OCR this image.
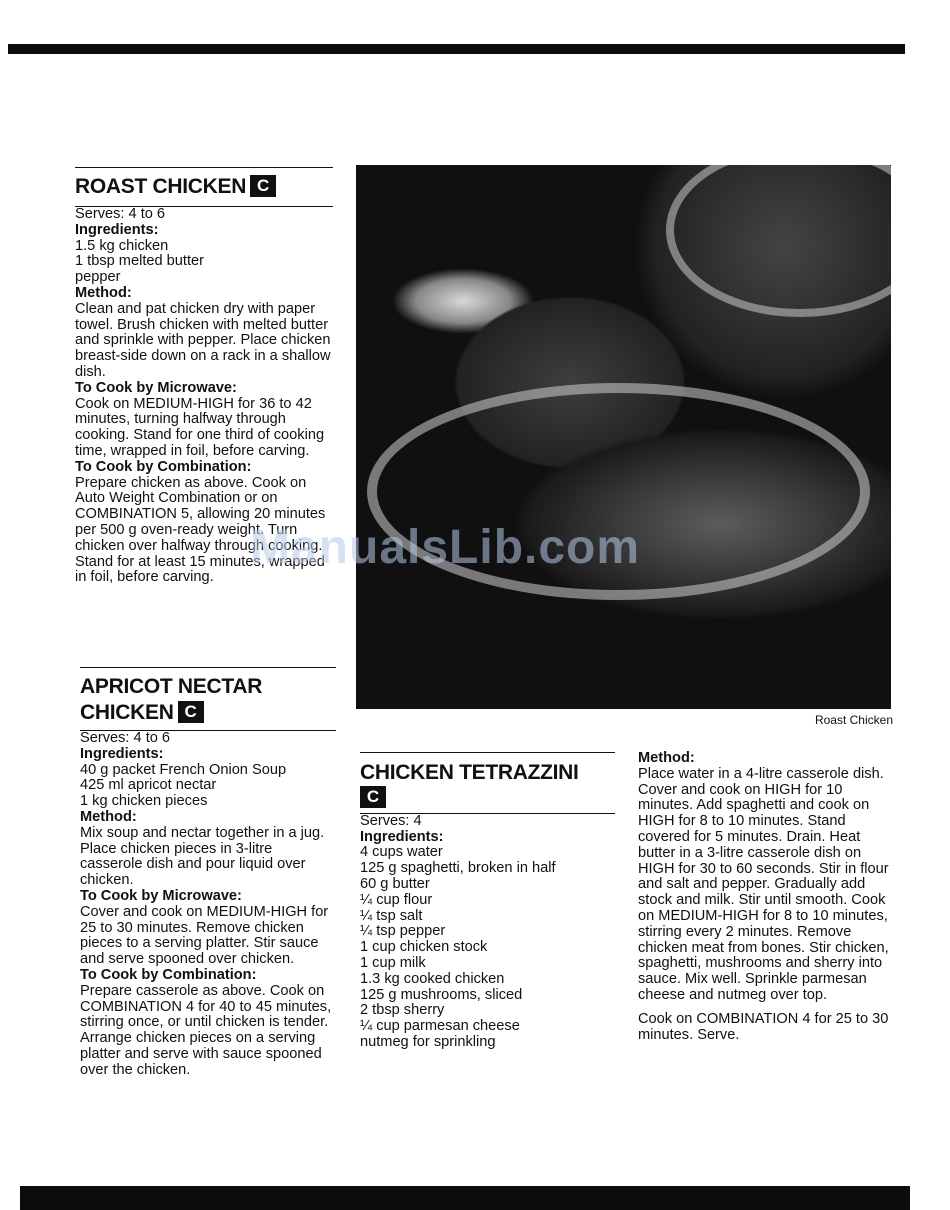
ROAST CHICKEN C

Serves: 4 to 6

Ingredients:

1.5 kg chicken
1 tbsp melted butter
pepper

Method:

Clean and pat chicken dry with paper towel. Brush chicken with melted butter and sprinkle with pepper. Place chicken breast-side down on a rack in a shallow dish.

To Cook by Microwave:

Cook on MEDIUM-HIGH for 36 to 42 minutes, turning halfway through cooking. Stand for one third of cooking time, wrapped in foil, before carving.

To Cook by Combination:

Prepare chicken as above. Cook on Auto Weight Combination or on COMBINATION 5, allowing 20 minutes per 500 g oven-ready weight. Turn chicken over halfway through cooking. Stand for at least 15 minutes, wrapped in foil, before carving.

APRICOT NECTAR
CHICKEN C

Serves: 4 to 6

Ingredients:

40 g packet French Onion Soup
425 ml apricot nectar
1 kg chicken pieces

Method:

Mix soup and nectar together in a jug. Place chicken pieces in 3-litre casserole dish and pour liquid over chicken.

To Cook by Microwave:

Cover and cook on MEDIUM-HIGH for 25 to 30 minutes. Remove chicken pieces to a serving platter. Stir sauce and serve spooned over chicken.

To Cook by Combination:

Prepare casserole as above. Cook on COMBINATION 4 for 40 to 45 minutes, stirring once, or until chicken is tender. Arrange chicken pieces on a serving platter and serve with sauce spooned over the chicken.

Roast Chicken
CHICKEN TETRAZZINI
C

Serves: 4

Ingredients:

4 cups water
125 g spaghetti, broken in half
60 g butter
¼ cup flour
¼ tsp salt
¼ tsp pepper
1 cup chicken stock
1 cup milk
1.3 kg cooked chicken
125 g mushrooms, sliced
2 tbsp sherry
¼ cup parmesan cheese
nutmeg for sprinkling

Method:

Place water in a 4-litre casserole dish. Cover and cook on HIGH for 10 minutes. Add spaghetti and cook on HIGH for 8 to 10 minutes. Stand covered for 5 minutes. Drain. Heat butter in a 3-litre casserole dish on HIGH for 30 to 60 seconds. Stir in flour and salt and pepper. Gradually add stock and milk. Stir until smooth. Cook on MEDIUM-HIGH for 8 to 10 minutes, stirring every 2 minutes. Remove chicken meat from bones. Stir chicken, spaghetti, mushrooms and sherry into sauce. Mix well. Sprinkle parmesan cheese and nutmeg over top.

Cook on COMBINATION 4 for 25 to 30 minutes. Serve.

ManualsLib.com
